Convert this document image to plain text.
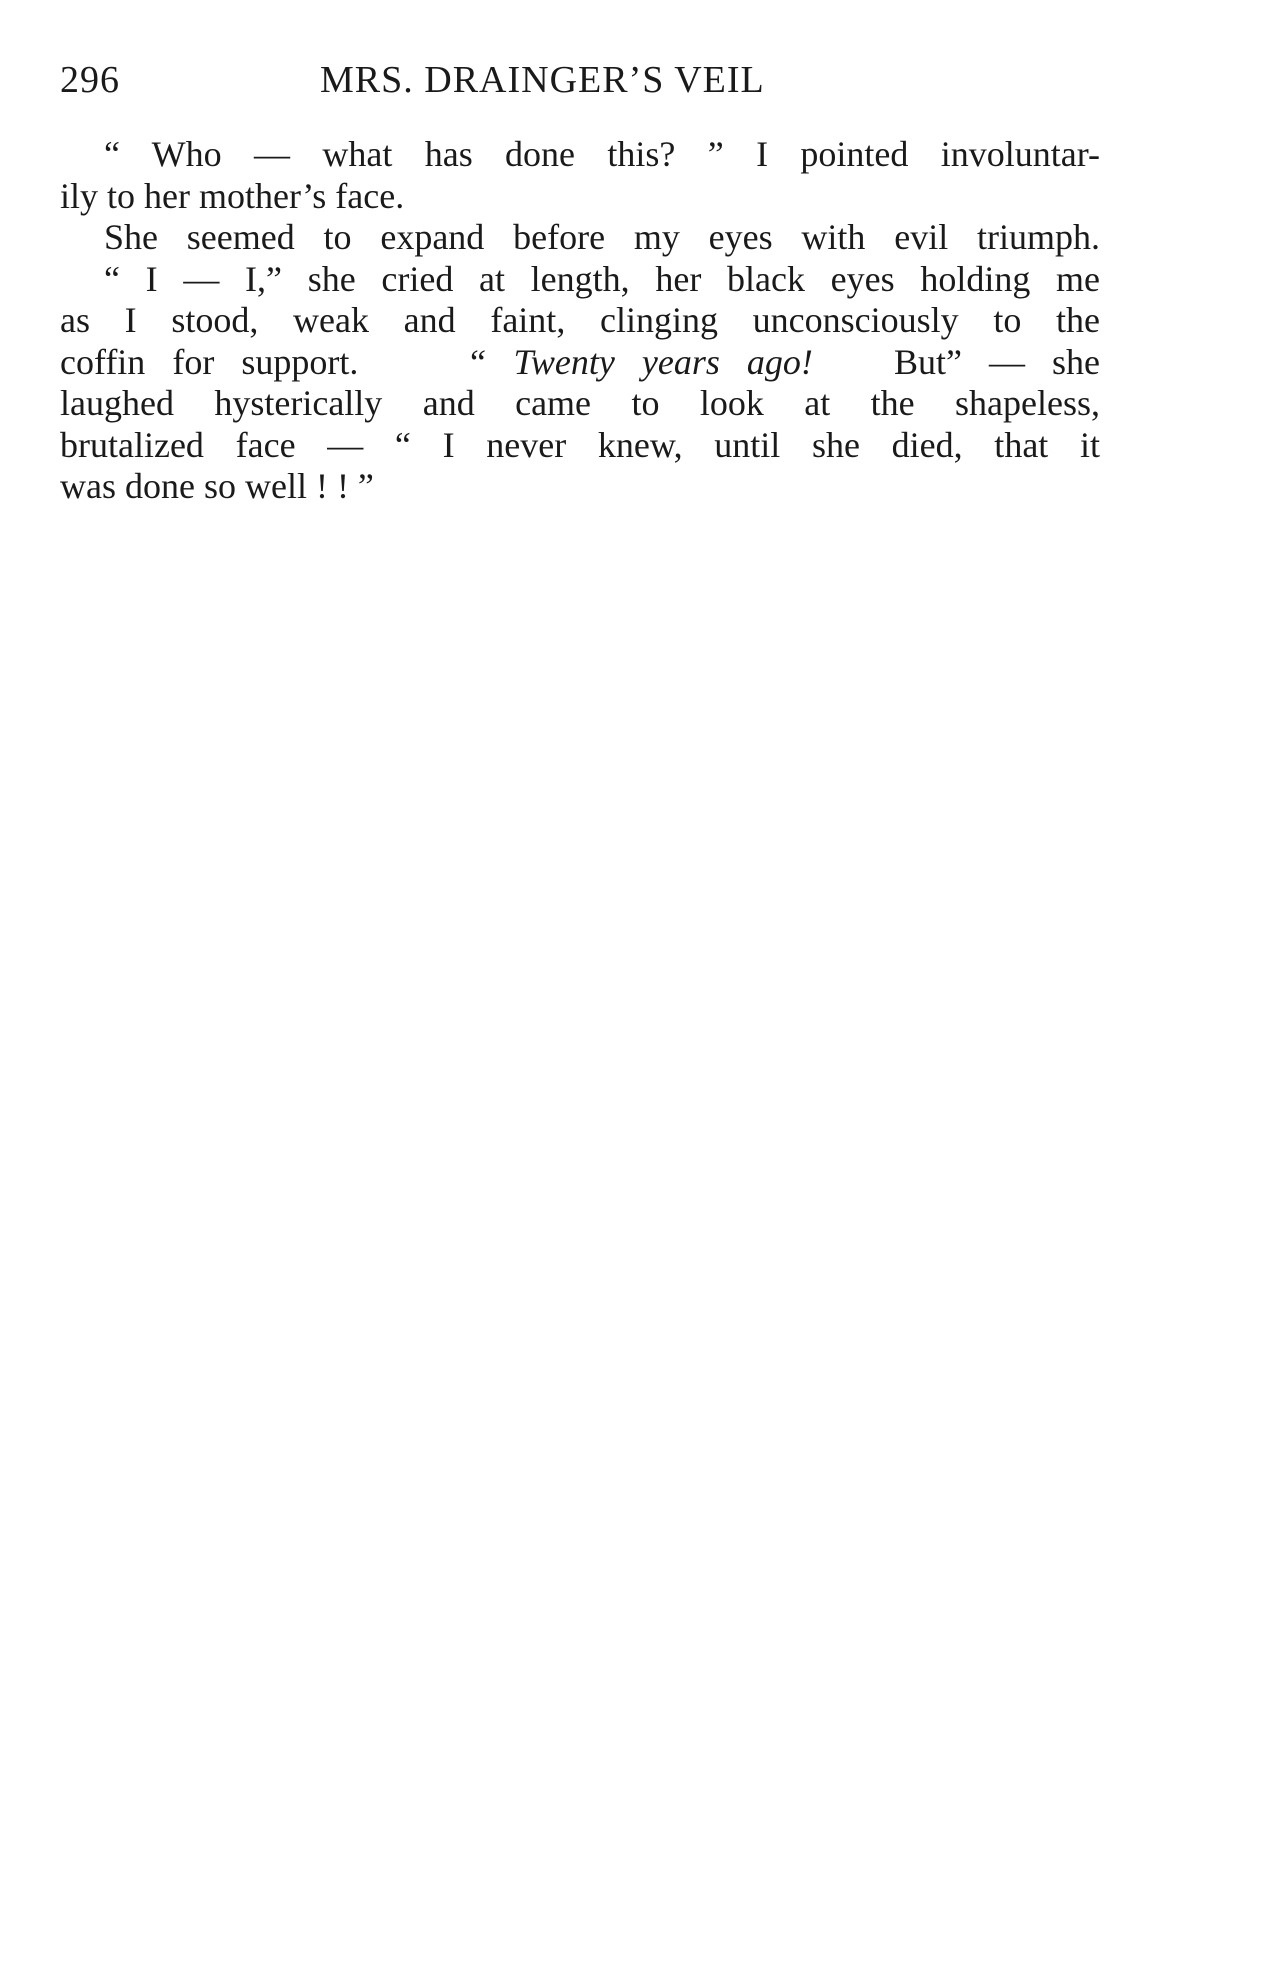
296	MRS. DRAINGER’S VEIL
“ Who — what has done this? ” I pointed involuntar-
ily to her mother’s face.
She seemed to expand before my eyes with evil triumph.
“ I — I,” she cried at length, her black eyes holding me
as I stood, weak and faint, clinging unconsciously to the
coffin for support.	“ Twenty years ago! But” — she
laughed hysterically and came to look at the shapeless,
brutalized face — “ I never knew, until she died, that it
was done so well ! ! ”
